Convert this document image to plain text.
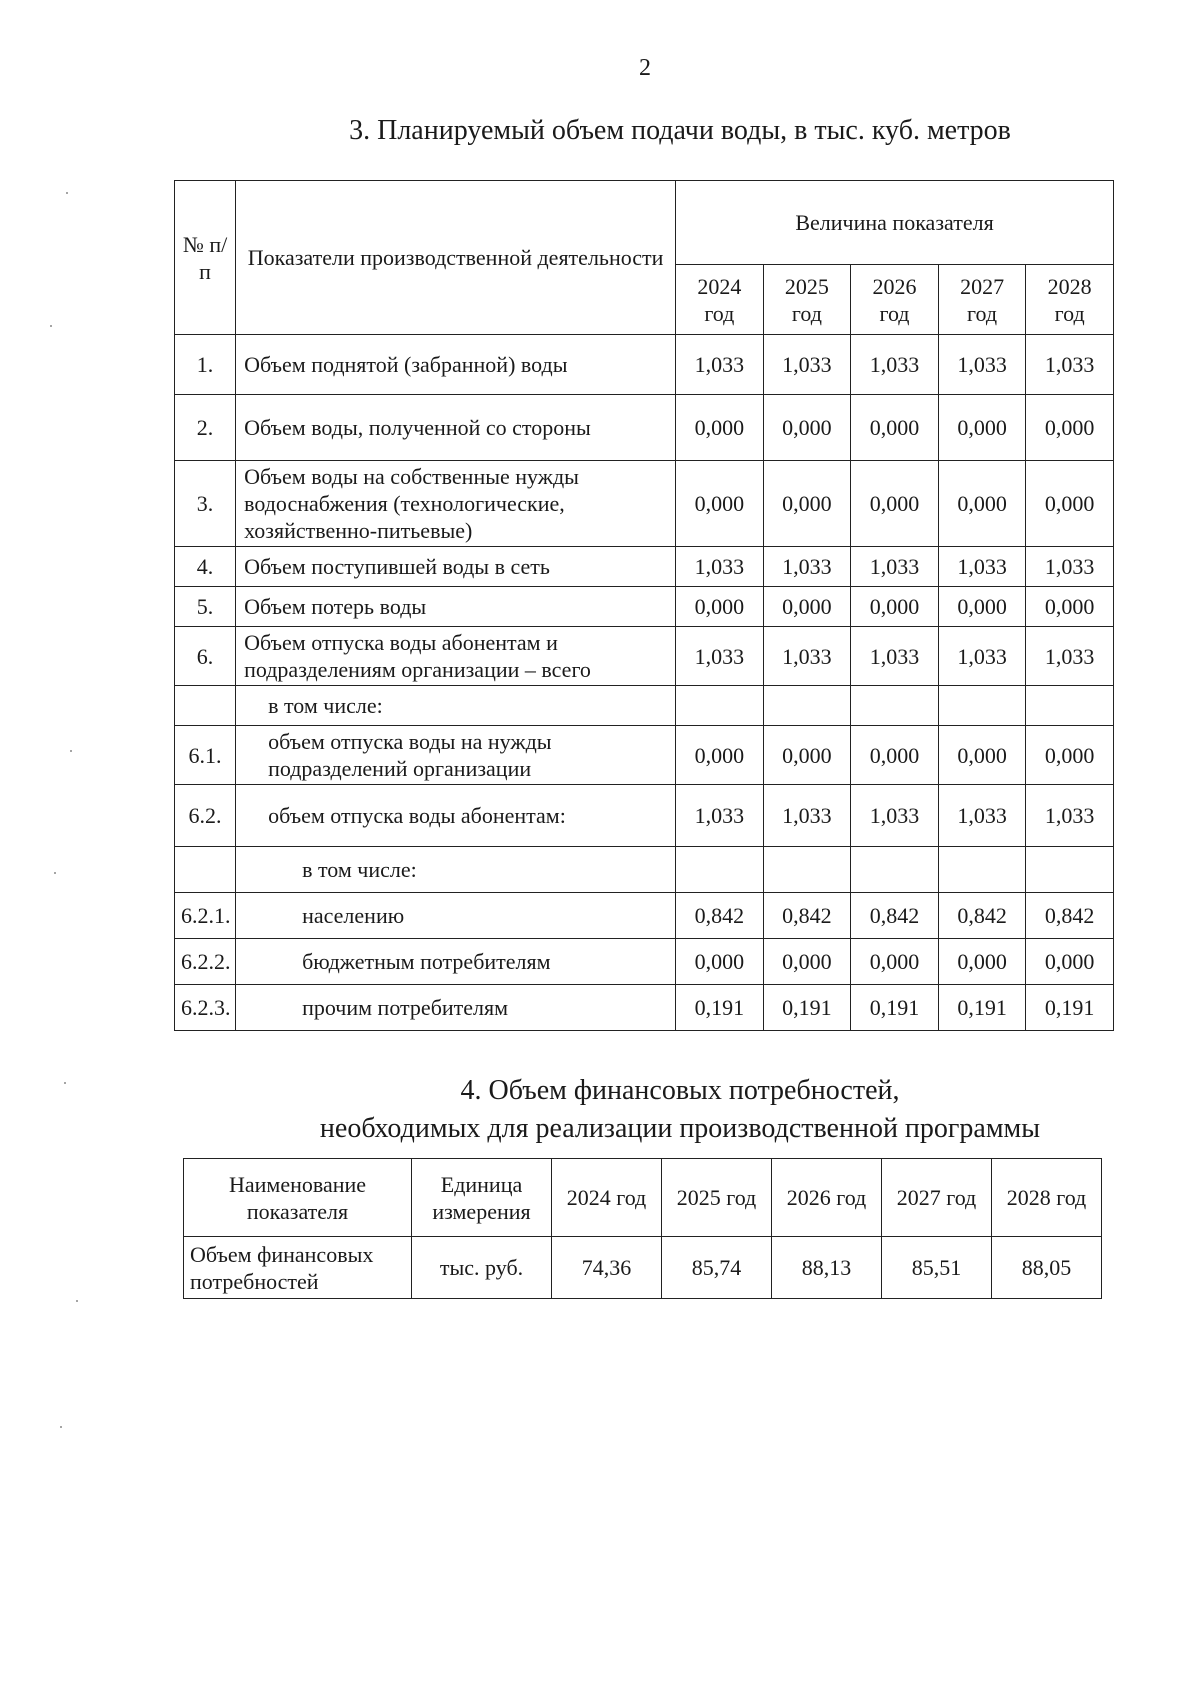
2
3. Планируемый объем подачи воды, в тыс. куб. метров
№ п/п	Показатели производственной деятельности	Величина показателя				
		2024 год	2025 год	2026 год	2027 год	2028 год
1.	Объем поднятой (забранной) воды	1,033	1,033	1,033	1,033	1,033
2.	Объем воды, полученной со стороны	0,000	0,000	0,000	0,000	0,000
3.	Объем воды на собственные нужды водоснабжения (технологические, хозяйственно-питьевые)	0,000	0,000	0,000	0,000	0,000
4.	Объем поступившей воды в сеть	1,033	1,033	1,033	1,033	1,033
5.	Объем потерь воды	0,000	0,000	0,000	0,000	0,000
6.	Объем отпуска воды абонентам и подразделениям организации – всего	1,033	1,033	1,033	1,033	1,033
	в том числе:					
6.1.	объем отпуска воды на нужды подразделений организации	0,000	0,000	0,000	0,000	0,000
6.2.	объем отпуска воды абонентам:	1,033	1,033	1,033	1,033	1,033
	в том числе:					
6.2.1.	населению	0,842	0,842	0,842	0,842	0,842
6.2.2.	бюджетным потребителям	0,000	0,000	0,000	0,000	0,000
6.2.3.	прочим потребителям	0,191	0,191	0,191	0,191	0,191
4. Объем финансовых потребностей,
необходимых для реализации производственной программы
Наименование показателя	Единица измерения	2024 год	2025 год	2026 год	2027 год	2028 год
Объем финансовых потребностей	тыс. руб.	74,36	85,74	88,13	85,51	88,05
